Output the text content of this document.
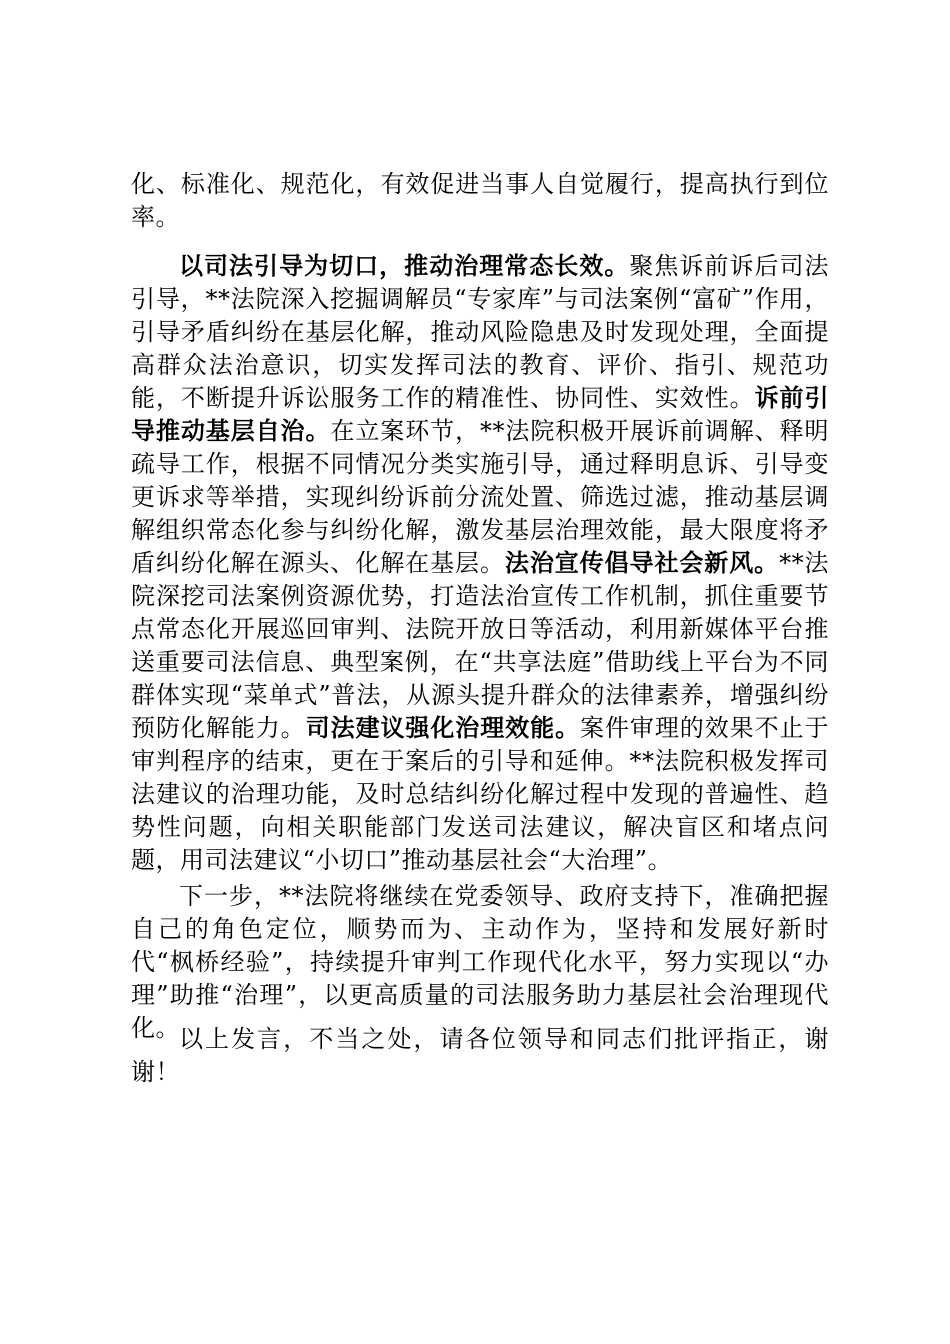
化、标准化、规范化，有效促进当事人自觉履行，提高执行到位率。

以司法引导为切口，推动治理常态长效。聚焦诉前诉后司法引导，**法院深入挖掘调解员“专家库”与司法案例“富矿”作用，引导矛盾纠纷在基层化解，推动风险隐患及时发现处理，全面提高群众法治意识，切实发挥司法的教育、评价、指引、规范功能，不断提升诉讼服务工作的精准性、协同性、实效性。诉前引导推动基层自治。在立案环节，**法院积极开展诉前调解、释明疏导工作，根据不同情况分类实施引导，通过释明息诉、引导变更诉求等举措，实现纠纷诉前分流处置、筛选过滤，推动基层调解组织常态化参与纠纷化解，激发基层治理效能，最大限度将矛盾纠纷化解在源头、化解在基层。法治宣传倡导社会新风。**法院深挖司法案例资源优势，打造法治宣传工作机制，抓住重要节点常态化开展巡回审判、法院开放日等活动，利用新媒体平台推送重要司法信息、典型案例，在“共享法庭”借助线上平台为不同群体实现“菜单式”普法，从源头提升群众的法律素养，增强纠纷预防化解能力。司法建议强化治理效能。案件审理的效果不止于审判程序的结束，更在于案后的引导和延伸。**法院积极发挥司法建议的治理功能，及时总结纠纷化解过程中发现的普遍性、趋势性问题，向相关职能部门发送司法建议，解决盲区和堵点问题，用司法建议“小切口”推动基层社会“大治理”。

下一步，**法院将继续在党委领导、政府支持下，准确把握自己的角色定位，顺势而为、主动作为，坚持和发展好新时代“枫桥经验”，持续提升审判工作现代化水平，努力实现以“办理”助推“治理”，以更高质量的司法服务助力基层社会治理现代化。 以上发言，不当之处，请各位领导和同志们批评指正，谢谢！
